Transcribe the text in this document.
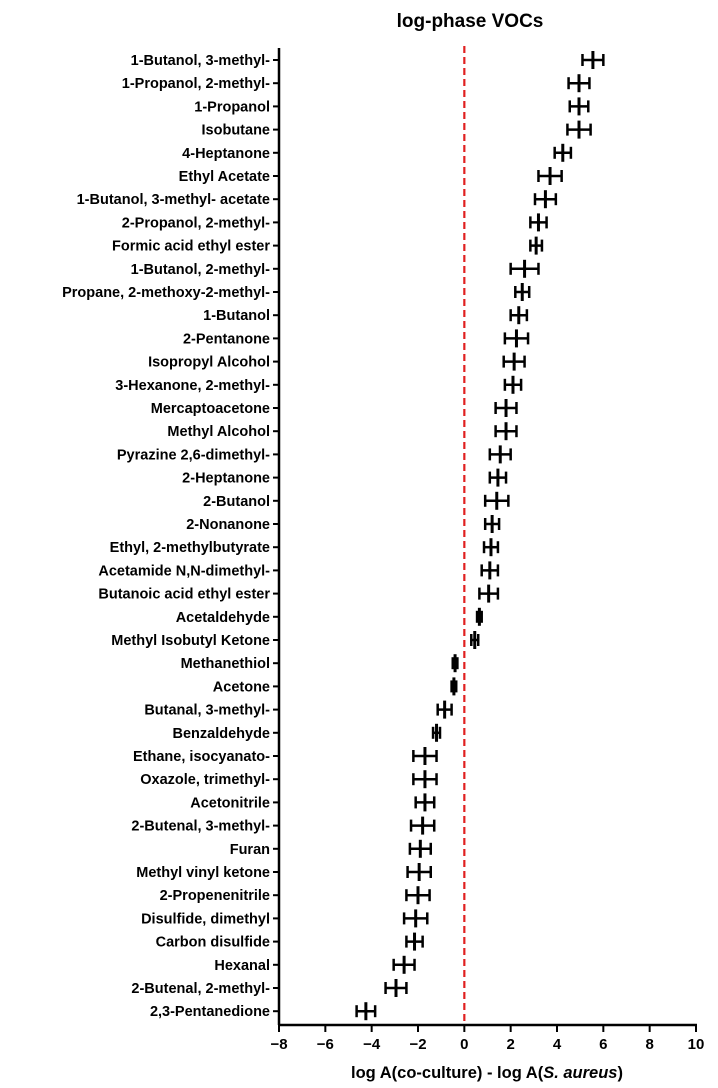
log-phase VOCs
1-Butanol, 3-methyl-
1-Propanol, 2-methyl-
1-Propanol
Isobutane
4-Heptanone
Ethyl Acetate
1-Butanol, 3-methyl- acetate
2-Propanol, 2-methyl-
Formic acid ethyl ester
1-Butanol, 2-methyl-
Propane, 2-methoxy-2-methyl-
1-Butanol
2-Pentanone
Isopropyl Alcohol
3-Hexanone, 2-methyl-
Mercaptoacetone
Methyl Alcohol
Pyrazine 2,6-dimethyl-
2-Heptanone
2-Butanol
2-Nonanone
Ethyl, 2-methylbutyrate
Acetamide N,N-dimethyl-
Butanoic acid ethyl ester
Acetaldehyde
Methyl Isobutyl Ketone
Methanethiol
Acetone
Butanal, 3-methyl-
Benzaldehyde
Ethane, isocyanato-
Oxazole, trimethyl-
Acetonitrile
2-Butenal, 3-methyl-
Furan
Methyl vinyl ketone
2-Propenenitrile
Disulfide, dimethyl
Carbon disulfide
Hexanal
2-Butenal, 2-methyl-
2,3-Pentanedione
−8 −6 −4 −2 0	2	4	6	8 10
log A(co-culture) - log A(S. aureus)
